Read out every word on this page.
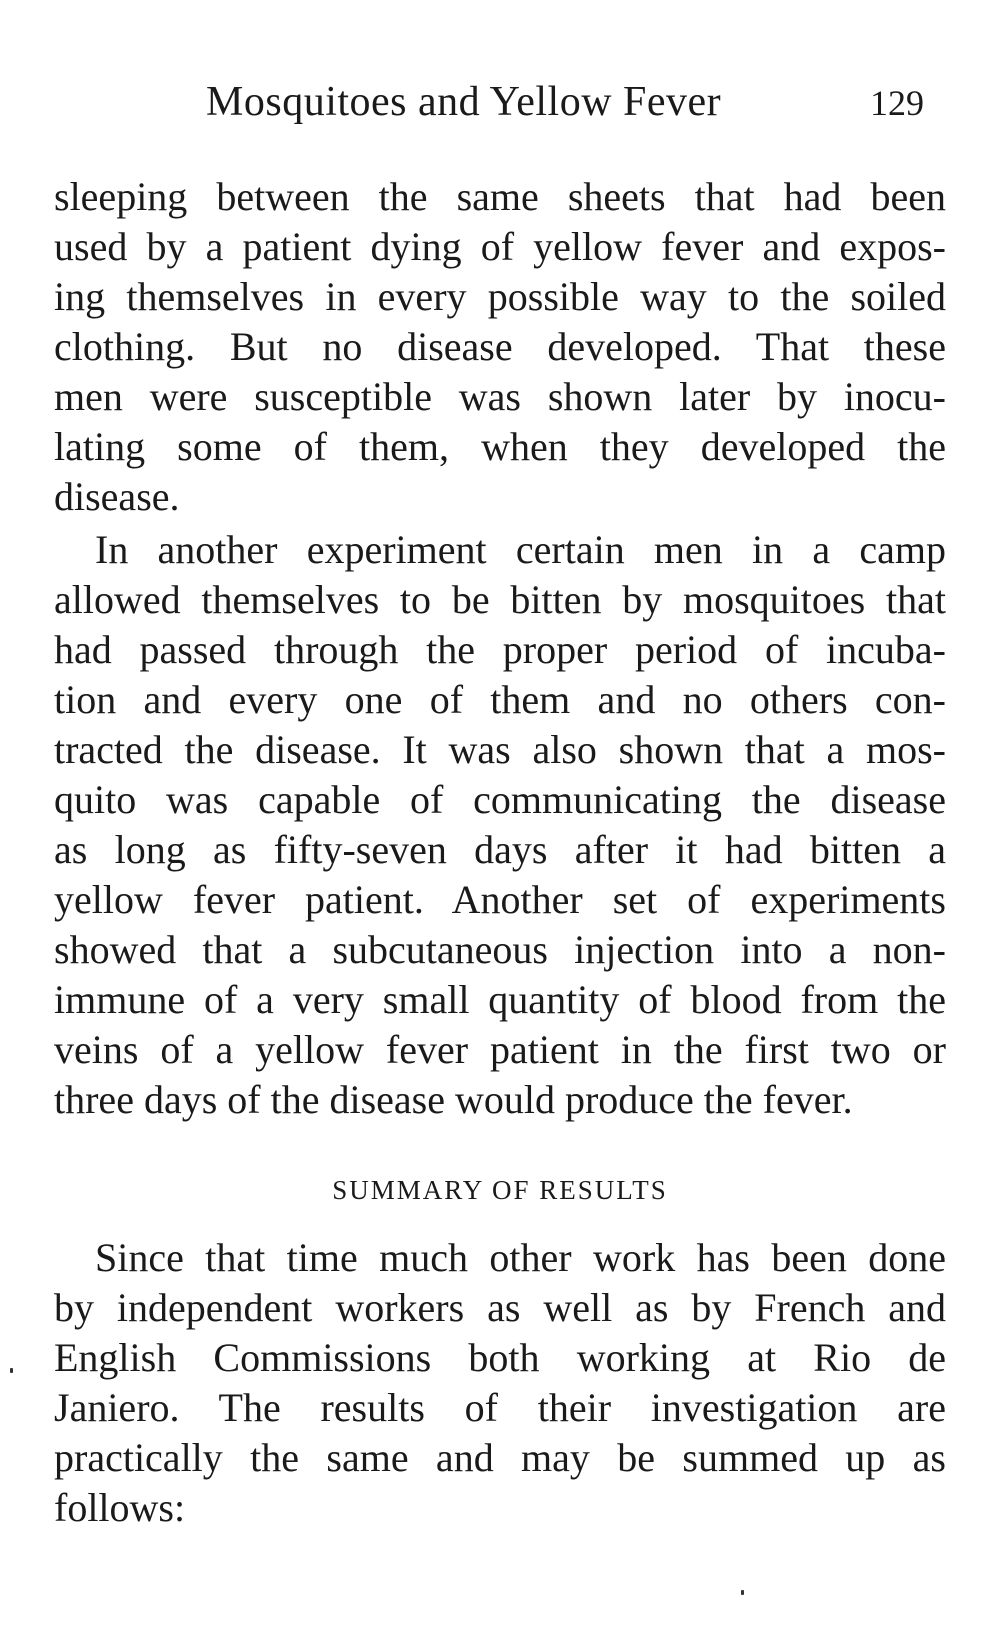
Mosquitoes and Yellow Fever	129
sleeping between the same sheets that had been
used by a patient dying of yellow fever and expos-
ing themselves in every possible way to the soiled
clothing. But no disease developed. That these
men were susceptible was shown later by inocu-
lating some of them, when they developed the
disease.
In another experiment certain men in a camp
allowed themselves to be bitten by mosquitoes that
had passed through the proper period of incuba-
tion and every one of them and no others con-
tracted the disease. It was also shown that a mos-
quito was capable of communicating the disease
as long as fifty-seven days after it had bitten a
yellow fever patient. Another set of experiments
showed that a subcutaneous injection into a non-
immune of a very small quantity of blood from the
veins of a yellow fever patient in the first two or
three days of the disease would produce the fever.
SUMMARY OF RESULTS
Since that time much other work has been done
by independent workers as well as by French and
English Commissions both working at Rio de
Janiero. The results of their investigation are
practically the same and may be summed up as
follows:
